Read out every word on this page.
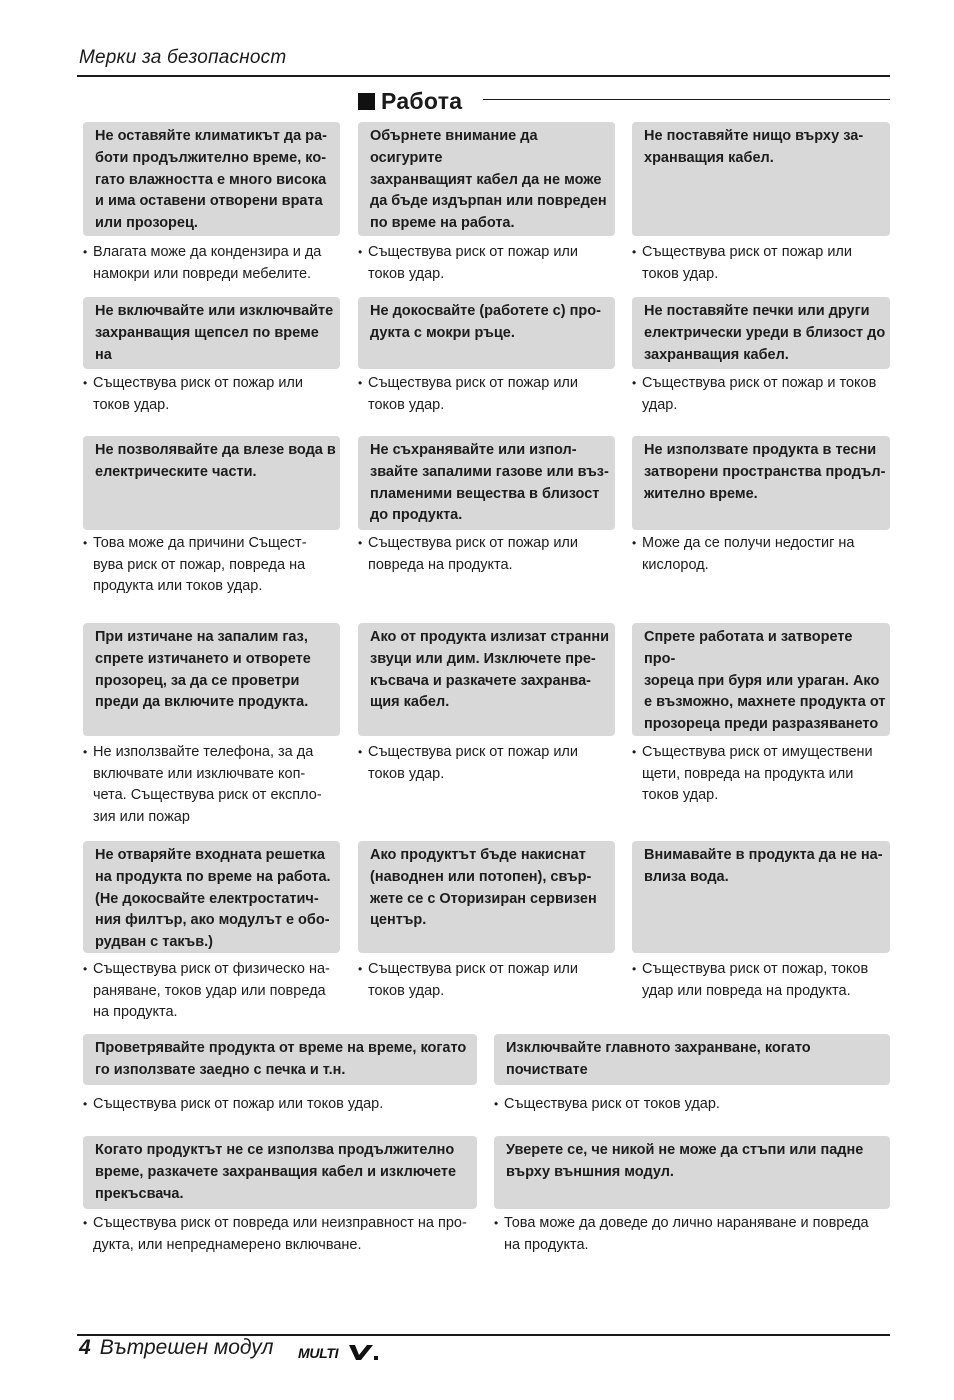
Мерки за безопасност
Работа
Не оставяйте климатикът да ра-
боти продължително време, ко-
гато влажността е много висока
и има оставени отворени врата
или прозорец.
• Влагата може да кондензира и да
намокри или повреди мебелите.
Обърнете внимание да осигурите
захранващият кабел да не може
да бъде издърпан или повреден
по време на работа.
• Съществува риск от пожар или
токов удар.
Не поставяйте нищо върху за-
хранващия кабел.
• Съществува риск от пожар или
токов удар.
Не включвайте или изключвайте
захранващия щепсел по време на

• Съществува риск от пожар или
токов удар.
Не докосвайте (работете с) про-
дукта с мокри ръце.
• Съществува риск от пожар или
токов удар.
Не поставяйте печки или други
електрически уреди в близост до
захранващия кабел.
• Съществува риск от пожар и токов
удар.
Не позволявайте да влезе вода в
електрическите части.
• Това може да причини Същест-
вува риск от пожар, повреда на
продукта или токов удар.
Не съхранявайте или изпол-
звайте запалими газове или въз-
пламеними вещества в близост
до продукта.
• Съществува риск от пожар или
повреда на продукта.
Не използвате продукта в тесни
затворени пространства продъл-
жително време.
• Може да се получи недостиг на
кислород.
При изтичане на запалим газ,
спрете изтичането и отворете
прозорец, за да се проветри
преди да включите продукта.
• Не използвайте телефона, за да
включвате или изключвате коп-
чета. Съществува риск от експло-
зия или пожар
Ако от продукта излизат странни
звуци или дим. Изключете пре-
късвача и разкачете захранва-
щия кабел.
• Съществува риск от пожар или
токов удар.
Спрете работата и затворете про-
зореца при буря или ураган. Ако
е възможно, махнете продукта от
прозореца преди разразяването

• Съществува риск от имуществени
щети, повреда на продукта или
токов удар.
Не отваряйте входната решетка
на продукта по време на работа.
(Не докосвайте електростатич-
ния филтър, ако модулът е обо-
рудван с такъв.)
• Съществува риск от физическо на-
раняване, токов удар или повреда
на продукта.
Ако продуктът бъде накиснат
(наводнен или потопен), свър-
жете се с Оторизиран сервизен
център.
• Съществува риск от пожар или
токов удар.
Внимавайте в продукта да не на-
влиза вода.
• Съществува риск от пожар, токов
удар или повреда на продукта.
Проветрявайте продукта от време на време, когато
го използвате заедно с печка и т.н.
• Съществува риск от пожар или токов удар.
Изключвайте главното захранване, когато почиствате

• Съществува риск от токов удар.
Когато продуктът не се използва продължително
време, разкачете захранващия кабел и изключете
прекъсвача.
• Съществува риск от повреда или неизправност на про-
дукта, или непреднамерено включване.
Уверете се, че никой не може да стъпи или падне
върху външния модул.
• Това може да доведе до лично нараняване и повреда
на продукта.
4 Вътрешен модул MULTI
